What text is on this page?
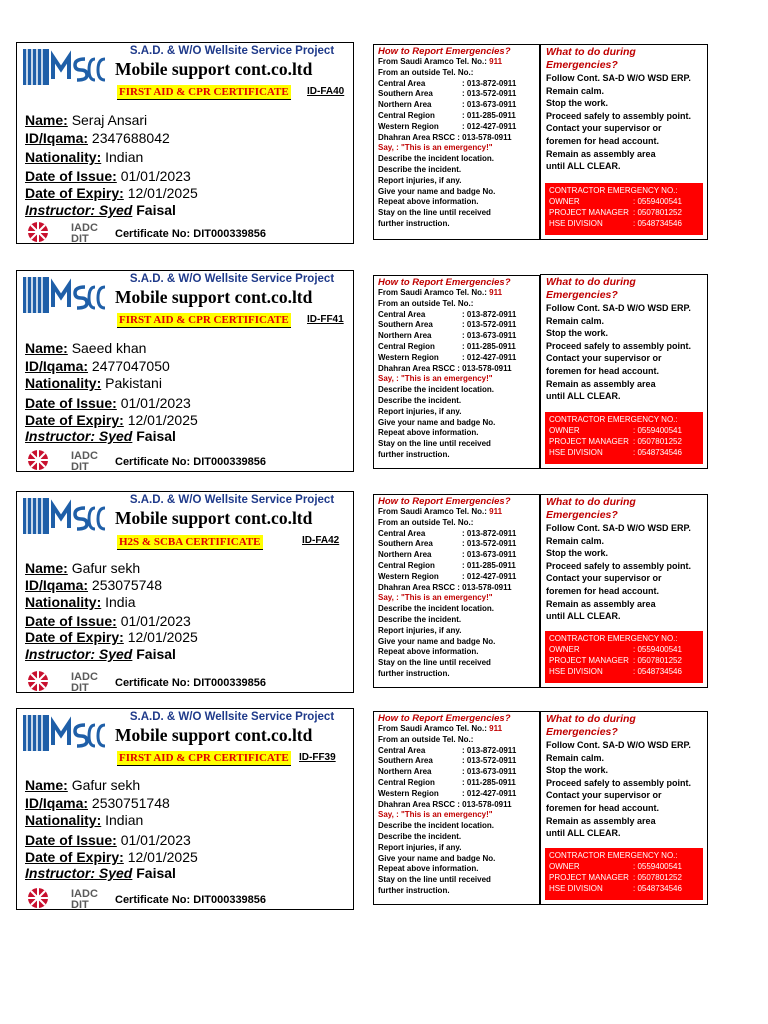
S.A.D. & W/O Wellsite Service Project
Mobile support cont.co.ltd
FIRST AID & CPR CERTIFICATE ID-FA40
Name: Seraj Ansari
ID/Iqama: 2347688042
Nationality: Indian
Date of Issue: 01/01/2023
Date of Expiry: 12/01/2025
Instructor: Syed Faisal
IADC
DIT Certificate No: DIT000339856
How to Report Emergencies?
From Saudi Aramco Tel. No.: 911
From an outside Tel. No.:
Central Area	: 013-872-0911
Southern Area	: 013-572-0911
Northern Area	: 013-673-0911
Central Region	: 011-285-0911
Western Region	: 012-427-0911
Dhahran Area RSCC : 013-578-0911
Say, : "This is an emergency!"
Describe the incident location.
Describe the incident.
Report injuries, if any.
Give your name and badge No.
Repeat above information.
Stay on the line until received
further instruction.
What to do during Emergencies?
Follow Cont. SA-D W/O WSD ERP.
Remain calm.
Stop the work.
Proceed safely to assembly point.
Contact your supervisor or
foremen for head account.
Remain as assembly area
until ALL CLEAR.
CONTRACTOR EMERGENCY NO.:
OWNER	: 0559400541
PROJECT MANAGER : 0507801252
HSE DIVISION	: 0548734546
S.A.D. & W/O Wellsite Service Project
Mobile support cont.co.ltd
FIRST AID & CPR CERTIFICATE ID-FF41
Name: Saeed khan
ID/Iqama: 2477047050
Nationality: Pakistani
Date of Issue: 01/01/2023
Date of Expiry: 12/01/2025
Instructor: Syed Faisal
IADC
DIT Certificate No: DIT000339856
How to Report Emergencies?
From Saudi Aramco Tel. No.: 911
From an outside Tel. No.:
Central Area	: 013-872-0911
Southern Area	: 013-572-0911
Northern Area	: 013-673-0911
Central Region	: 011-285-0911
Western Region	: 012-427-0911
Dhahran Area RSCC : 013-578-0911
Say, : "This is an emergency!"
Describe the incident location.
Describe the incident.
Report injuries, if any.
Give your name and badge No.
Repeat above information.
Stay on the line until received
further instruction.
What to do during Emergencies?
Follow Cont. SA-D W/O WSD ERP.
Remain calm.
Stop the work.
Proceed safely to assembly point.
Contact your supervisor or
foremen for head account.
Remain as assembly area
until ALL CLEAR.
CONTRACTOR EMERGENCY NO.:
OWNER	: 0559400541
PROJECT MANAGER : 0507801252
HSE DIVISION	: 0548734546
S.A.D. & W/O Wellsite Service Project
Mobile support cont.co.ltd
H2S & SCBA CERTIFICATE	ID-FA42
Name: Gafur sekh
ID/Iqama: 253075748
Nationality: India
Date of Issue: 01/01/2023
Date of Expiry: 12/01/2025
Instructor: Syed Faisal
IADC
DIT Certificate No: DIT000339856
How to Report Emergencies?
From Saudi Aramco Tel. No.: 911
From an outside Tel. No.:
Central Area	: 013-872-0911
Southern Area	: 013-572-0911
Northern Area	: 013-673-0911
Central Region	: 011-285-0911
Western Region	: 012-427-0911
Dhahran Area RSCC : 013-578-0911
Say, : "This is an emergency!"
Describe the incident location.
Describe the incident.
Report injuries, if any.
Give your name and badge No.
Repeat above information.
Stay on the line until received
further instruction.
What to do during Emergencies?
Follow Cont. SA-D W/O WSD ERP.
Remain calm.
Stop the work.
Proceed safely to assembly point.
Contact your supervisor or
foremen for head account.
Remain as assembly area
until ALL CLEAR.
CONTRACTOR EMERGENCY NO.:
OWNER	: 0559400541
PROJECT MANAGER : 0507801252
HSE DIVISION	: 0548734546
S.A.D. & W/O Wellsite Service Project
Mobile support cont.co.ltd
FIRST AID & CPR CERTIFICATE ID-FF39
Name: Gafur sekh
ID/Iqama: 2530751748
Nationality: Indian
Date of Issue: 01/01/2023
Date of Expiry: 12/01/2025
Instructor: Syed Faisal
IADC
DIT Certificate No: DIT000339856
How to Report Emergencies?
From Saudi Aramco Tel. No.: 911
From an outside Tel. No.:
Central Area	: 013-872-0911
Southern Area	: 013-572-0911
Northern Area	: 013-673-0911
Central Region	: 011-285-0911
Western Region	: 012-427-0911
Dhahran Area RSCC : 013-578-0911
Say, : "This is an emergency!"
Describe the incident location.
Describe the incident.
Report injuries, if any.
Give your name and badge No.
Repeat above information.
Stay on the line until received
further instruction.
What to do during Emergencies?
Follow Cont. SA-D W/O WSD ERP.
Remain calm.
Stop the work.
Proceed safely to assembly point.
Contact your supervisor or
foremen for head account.
Remain as assembly area
until ALL CLEAR.
CONTRACTOR EMERGENCY NO.:
OWNER	: 0559400541
PROJECT MANAGER : 0507801252
HSE DIVISION	: 0548734546
